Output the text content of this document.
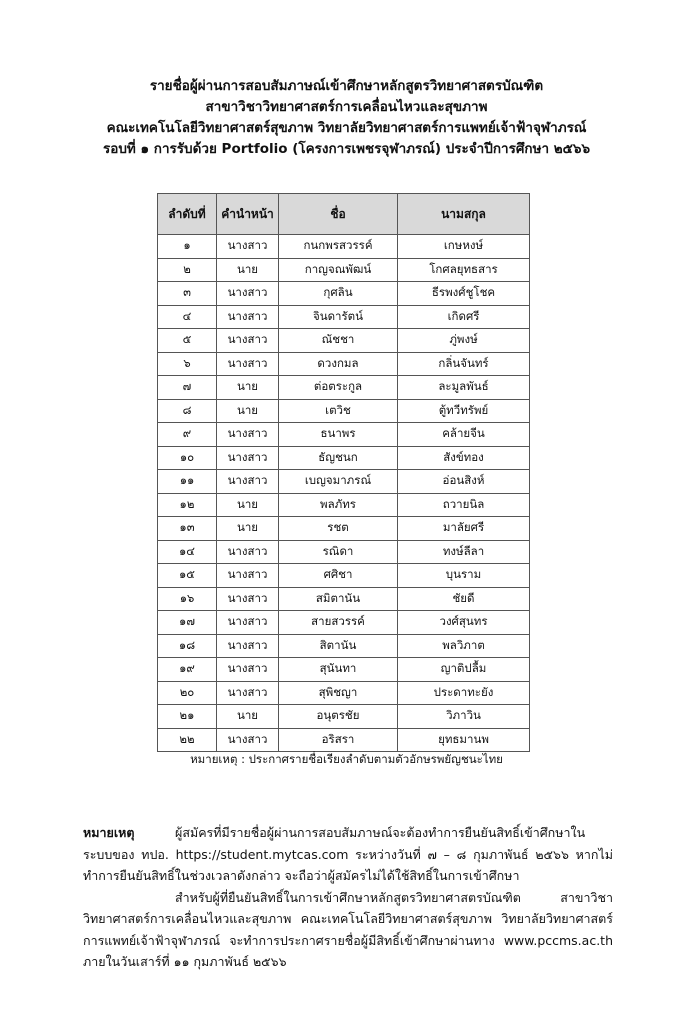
รายชื่อผู้ผ่านการสอบสัมภาษณ์เข้าศึกษาหลักสูตรวิทยาศาสตรบัณฑิต
สาขาวิชาวิทยาศาสตร์การเคลื่อนไหวและสุขภาพ
คณะเทคโนโลยีวิทยาศาสตร์สุขภาพ วิทยาลัยวิทยาศาสตร์การแพทย์เจ้าฟ้าจุฬาภรณ์
รอบที่ ๑ การรับด้วย Portfolio (โครงการเพชรจุฬาภรณ์) ประจำปีการศึกษา ๒๕๖๖
ลำดับที่	คำนำหน้า	ชื่อ	นามสกุล
๑	นางสาว	กนกพรสวรรค์	เกษหงษ์
๒	นาย	กาญจณพัฒน์	โกศลยุทธสาร
๓	นางสาว	กุศลิน	ธีรพงศ์ชูโชค
๔	นางสาว	จินดารัตน์	เกิดศรี
๕	นางสาว	ณัชชา	ภู่พงษ์
๖	นางสาว	ดวงกมล	กลิ่นจันทร์
๗	นาย	ต่อตระกูล	ละมูลพันธ์
๘	นาย	เตวิช	ตู้ทวีทรัพย์
๙	นางสาว	ธนาพร	คล้ายจีน
๑๐	นางสาว	ธัญชนก	สังข์ทอง
๑๑	นางสาว	เบญจมาภรณ์	อ่อนสิงห์
๑๒	นาย	พลภัทร	ถวายนิล
๑๓	นาย	รชต	มาลัยศรี
๑๔	นางสาว	รณิดา	ทงษ์ลีลา
๑๕	นางสาว	ศศิชา	บุนราม
๑๖	นางสาว	สมิตานัน	ชัยดี
๑๗	นางสาว	สายสวรรค์	วงศ์สุนทร
๑๘	นางสาว	สิตานัน	พลวิภาต
๑๙	นางสาว	สุนันทา	ญาติปลื้ม
๒๐	นางสาว	สุพิชญา	ประดาทะยัง
๒๑	นาย	อนุตรชัย	วิภาวิน
๒๒	นางสาว	อริสรา	ยุทธมานพ
หมายเหตุ : ประกาศรายชื่อเรียงลำดับตามตัวอักษรพยัญชนะไทย

หมายเหตุ	ผู้สมัครที่มีรายชื่อผู้ผ่านการสอบสัมภาษณ์จะต้องทำการยืนยันสิทธิ์เข้าศึกษาในระบบของ ทปอ. https://student.mytcas.com ระหว่างวันที่ ๗ – ๘ กุมภาพันธ์ ๒๕๖๖ หากไม่ทำการยืนยันสิทธิ์ในช่วงเวลาดังกล่าว จะถือว่าผู้สมัครไม่ได้ใช้สิทธิ์ในการเข้าศึกษา

สำหรับผู้ที่ยืนยันสิทธิ์ในการเข้าศึกษาหลักสูตรวิทยาศาสตรบัณฑิต สาขาวิชาวิทยาศาสตร์การเคลื่อนไหวและสุขภาพ คณะเทคโนโลยีวิทยาศาสตร์สุขภาพ วิทยาลัยวิทยาศาสตร์การแพทย์เจ้าฟ้าจุฬาภรณ์ จะทำการประกาศรายชื่อผู้มีสิทธิ์เข้าศึกษาผ่านทาง www.pccms.ac.th ภายในวันเสาร์ที่ ๑๑ กุมภาพันธ์ ๒๕๖๖
